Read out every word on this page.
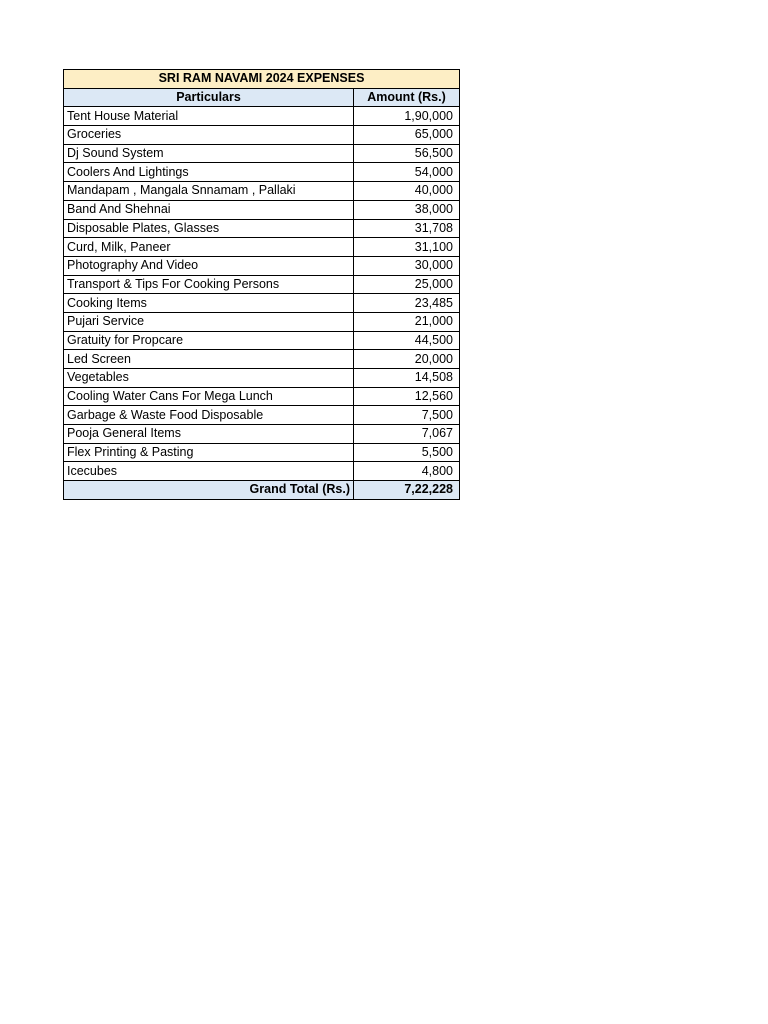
SRI RAM NAVAMI 2024 EXPENSES	
Particulars	Amount (Rs.)
Tent House Material	1,90,000
Groceries	65,000
Dj Sound System	56,500
Coolers And Lightings	54,000
Mandapam , Mangala Snnamam , Pallaki	40,000
Band And Shehnai	38,000
Disposable Plates, Glasses	31,708
Curd, Milk, Paneer	31,100
Photography And Video	30,000
Transport & Tips For Cooking Persons	25,000
Cooking Items	23,485
Pujari Service	21,000
Gratuity for Propcare	44,500
Led Screen	20,000
Vegetables	14,508
Cooling Water Cans For Mega Lunch	12,560
Garbage & Waste Food Disposable	7,500
Pooja General Items	7,067
Flex Printing & Pasting	5,500
Icecubes	4,800
Grand Total (Rs.)	7,22,228
